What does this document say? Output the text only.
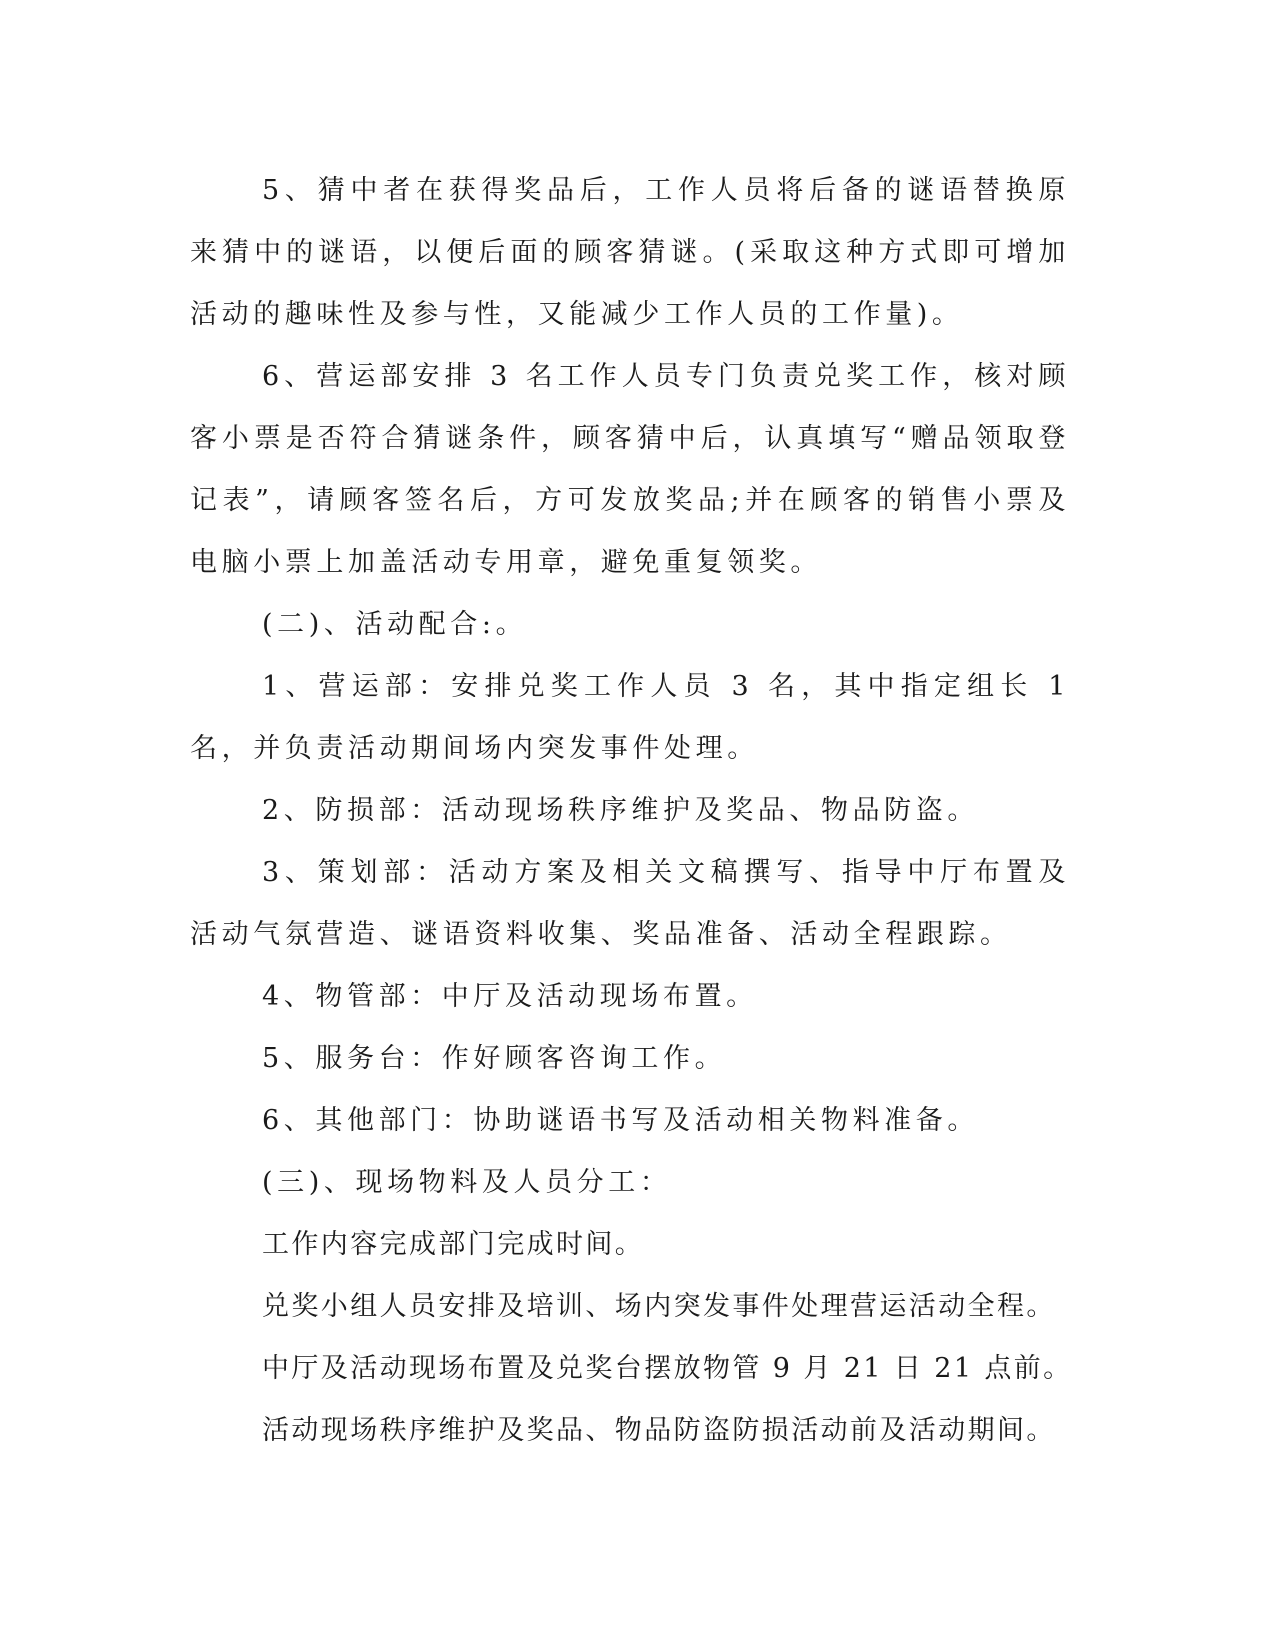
5、猜中者在获得奖品后，工作人员将后备的谜语替换原来猜中的谜语，以便后面的顾客猜谜。(采取这种方式即可增加活动的趣味性及参与性，又能减少工作人员的工作量)。

6、营运部安排 3 名工作人员专门负责兑奖工作，核对顾客小票是否符合猜谜条件，顾客猜中后，认真填写“赠品领取登记表”，请顾客签名后，方可发放奖品;并在顾客的销售小票及电脑小票上加盖活动专用章，避免重复领奖。

(二)、活动配合:。

1、营运部：安排兑奖工作人员 3 名，其中指定组长 1 名，并负责活动期间场内突发事件处理。

2、防损部：活动现场秩序维护及奖品、物品防盗。

3、策划部：活动方案及相关文稿撰写、指导中厅布置及活动气氛营造、谜语资料收集、奖品准备、活动全程跟踪。

4、物管部：中厅及活动现场布置。

5、服务台：作好顾客咨询工作。

6、其他部门：协助谜语书写及活动相关物料准备。

(三)、现场物料及人员分工：

工作内容完成部门完成时间。

兑奖小组人员安排及培训、场内突发事件处理营运活动全程。

中厅及活动现场布置及兑奖台摆放物管 9 月 21 日 21 点前。

活动现场秩序维护及奖品、物品防盗防损活动前及活动期间。
